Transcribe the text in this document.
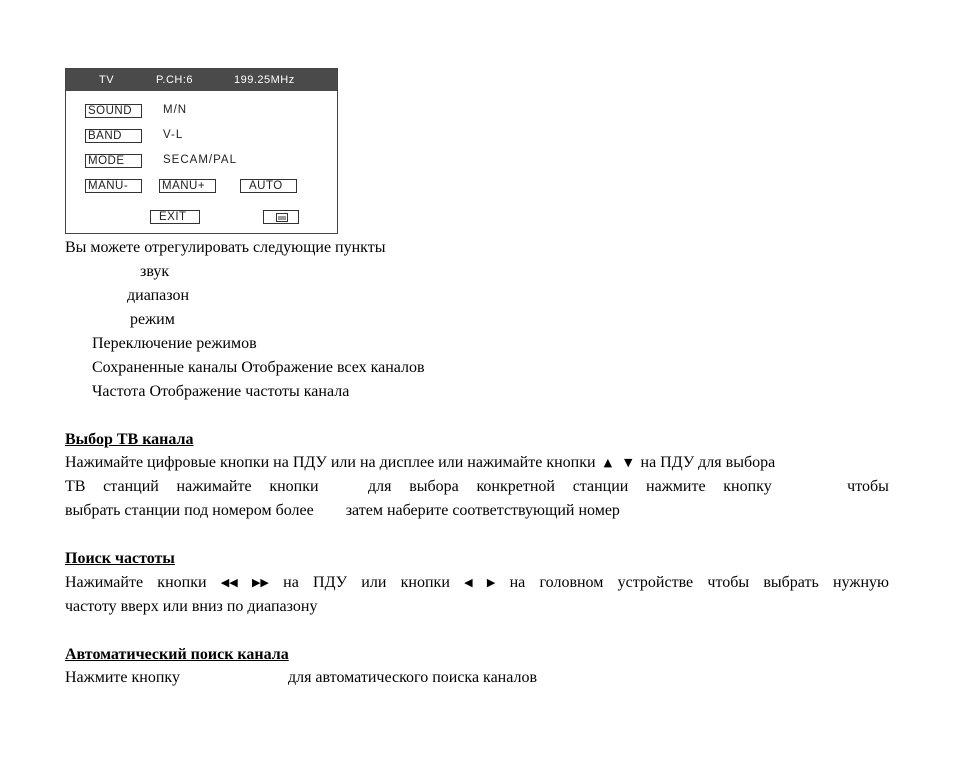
TV	P.CH:6	199.25MHz
SOUND	M/N
BAND	V-L
MODE	SECAM/PAL
MANU-	MANU+	AUTO
EXIT
Вы можете отрегулировать следующие пункты
звук
диапазон
режим
Переключение режимов
Сохраненные каналы Отображение всех каналов
Частота Отображение частоты канала
Выбор ТВ канала
Нажимайте цифровые кнопки на ПДУ или на дисплее или нажимайте кнопки ▲ ▼ на ПДУ для выбора
ТВ станций нажимайте кнопки	для выбора конкретной станции нажмите кнопку	чтобы
выбрать станции под номером более затем наберите соответствующий номер
Поиск частоты
Нажимайте кнопки ◀◀ ▶▶ на ПДУ или кнопки ◀ ▶ на головном устройстве чтобы выбрать нужную
частоту вверх или вниз по диапазону
Автоматический поиск канала
Нажмите кнопку	для автоматического поиска каналов
